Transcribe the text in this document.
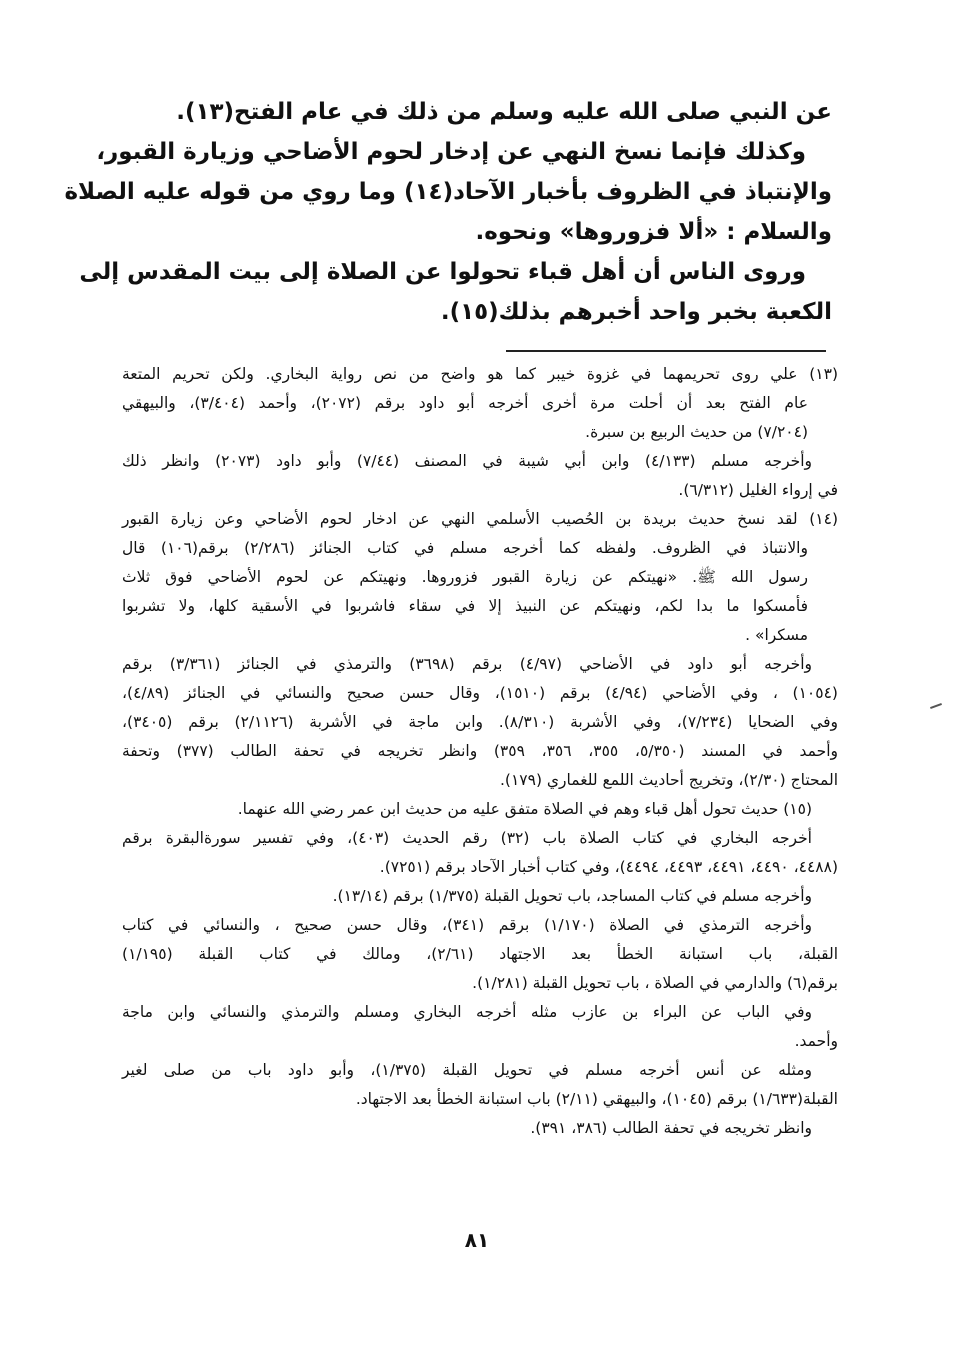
عن النبي صلى الله عليه وسلم من ذلك في عام الفتح(١٣).
وكذلك فإنما نسخ النهي عن إدخار لحوم الأضاحي وزيارة القبور،
والإنتباذ في الظروف بأخبار الآحاد(١٤) وما روي من قوله عليه الصلاة
والسلام : «ألا فزوروها» ونحوه.
وروى الناس أن أهل قباء تحولوا عن الصلاة إلى بيت المقدس إلى
الكعبة بخبر واحد أخبرهم بذلك(١٥).
(١٣) علي روى تحريمهما في غزوة خيبر كما هو واضح من نص رواية البخاري. ولكن تحريم المتعة
عام الفتح بعد أن أحلت مرة أخرى أخرجه أبو داود برقم (٢٠٧٢)، وأحمد (٣/٤٠٤)، والبيهقي
(٧/٢٠٤) من حديث الربيع بن سبرة.
وأخرجه مسلم (٤/١٣٣) وابن أبي شيبة في المصنف (٧/٤٤) وأبو داود (٢٠٧٣) وانظر ذلك
في إرواء الغليل (٦/٣١٢).
(١٤) لقد نسخ حديث بريدة بن الحُصيب الأسلمي النهي عن ادخار لحوم الأضاحي وعن زيارة القبور
والانتباذ في الظروف. ولفظه كما أخرجه مسلم في كتاب الجنائز (٢/٢٨٦) برقم(١٠٦) قال
رسول الله ﷺ. «نهيتكم عن زيارة القبور فزوروها. ونهيتكم عن لحوم الأضاحي فوق ثلاث
فأمسكوا ما بدا لكم، ونهيتكم عن النبيذ إلا في سقاء فاشربوا في الأسقية كلها، ولا تشربوا
مسكرا» .
وأخرجه أبو داود في الأضاحي (٤/٩٧) برقم (٣٦٩٨) والترمذي في الجنائز (٣/٣٦١) برقم
(١٠٥٤) ، وفي الأضاحي (٤/٩٤) برقم (١٥١٠)، وقال حسن صحيح والنسائي في الجنائز (٤/٨٩)،
وفي الضحايا (٧/٢٣٤)، وفي الأشربة (٨/٣١٠). وابن ماجة في الأشربة (٢/١١٢٦) برقم (٣٤٠٥)،
وأحمد في المسند (٥/٣٥٠، ٣٥٥، ٣٥٦، ٣٥٩) وانظر تخريجه في تحفة الطالب (٣٧٧) وتحفة
المحتاج (٢/٣٠)، وتخريج أحاديث اللمع للغماري (١٧٩).
(١٥) حديث تحول أهل قباء وهم في الصلاة متفق عليه من حديث ابن عمر رضي الله عنهما.
أخرجه البخاري في كتاب الصلاة باب (٣٢) رقم الحديث (٤٠٣)، وفي تفسير سورةالبقرة برقم
(٤٤٨٨، ٤٤٩٠، ٤٤٩١، ٤٤٩٣، ٤٤٩٤)، وفي كتاب أخبار الآحاد برقم (٧٢٥١).
وأخرجه مسلم في كتاب المساجد، باب تحويل القبلة (١/٣٧٥) برقم (١٣/١٤).
وأخرجه الترمذي في الصلاة (١/١٧٠) برقم (٣٤١)، وقال حسن صحيح ، والنسائي في كتاب
القبلة، باب استبانة الخطأ بعد الاجتهاد (٢/٦١)، ومالك في كتاب القبلة (١/١٩٥)
برقم(٦) والدارمي في الصلاة ، باب تحويل القبلة (١/٢٨١).
وفي الباب عن البراء بن عازب مثله أخرجه البخاري ومسلم والترمذي والنسائي وابن ماجة
وأحمد.
ومثله عن أنس أخرجه مسلم في تحويل القبلة (١/٣٧٥)، وأبو داود باب من صلى لغير
القبلة(١/٦٣٣) برقم (١٠٤٥)، والبيهقي (٢/١١) باب استبانة الخطأ بعد الاجتهاد.
وانظر تخريجه في تحفة الطالب (٣٨٦، ٣٩١).
٨١
